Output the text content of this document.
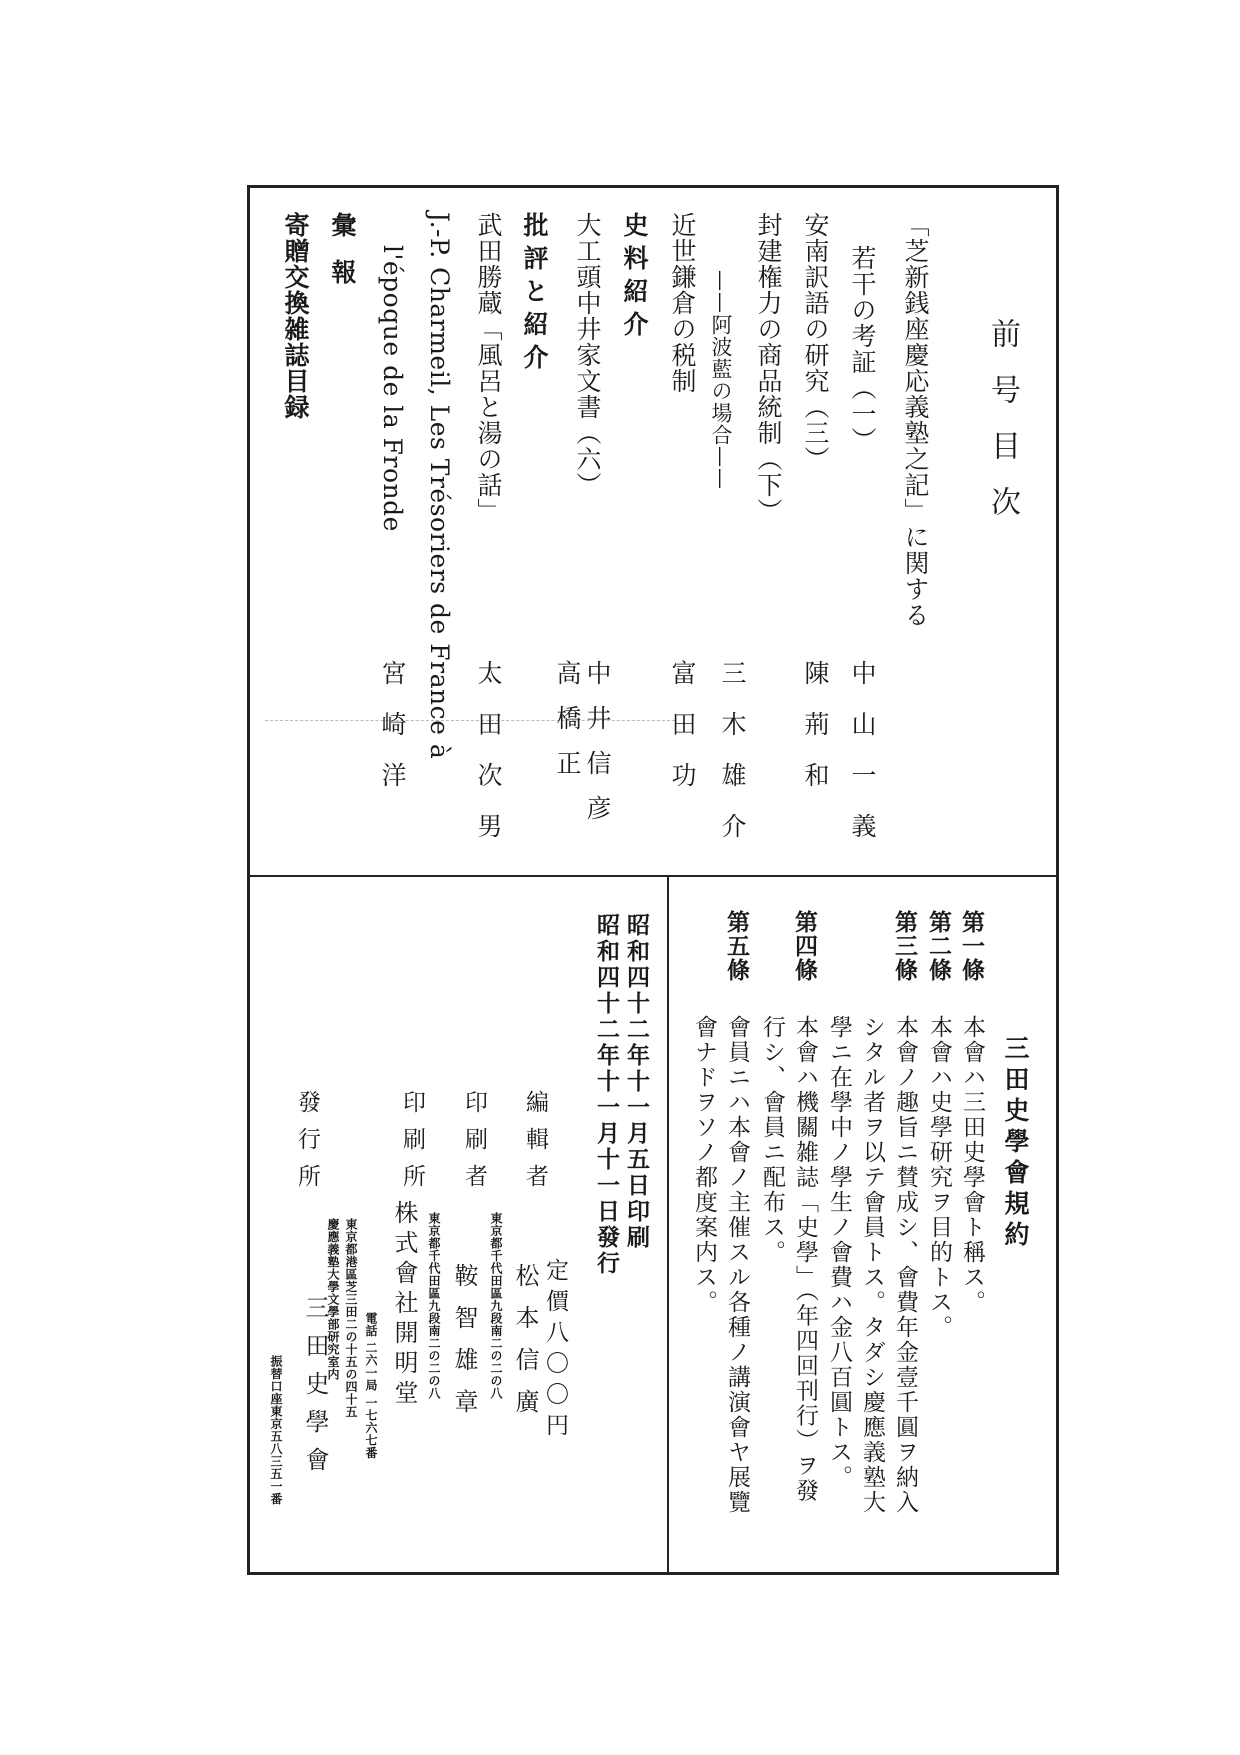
前号目次
「芝新銭座慶応義塾之記」に関する
若干の考証（一）
中山一義
安南訳語の研究（三）
陳荊和
封建権力の商品統制（下）
——阿波藍の場合——
三木雄介
近世鎌倉の税制
富田功
史料紹介
大工頭中井家文書（六）
中井信彦
高橋正
批評と紹介
武田勝蔵「風呂と湯の話」
太田次男
J.-P. Charmeil, Les Trésoriers de France à
l'époque de la Fronde
宮崎洋
彙報
寄贈交換雑誌目録
三田史學會規約
第一條
本會ハ三田史學會ト稱ス。
第二條
本會ハ史學研究ヲ目的トス。
第三條
本會ノ趣旨ニ賛成シ、會費年金壹千圓ヲ納入
シタル者ヲ以テ會員トス。タダシ慶應義塾大
學ニ在學中ノ學生ノ會費ハ金八百圓トス。
第四條
本會ハ機關雑誌「史學」（年四回刊行）ヲ發
行シ、會員ニ配布ス。
第五條
會員ニハ本會ノ主催スル各種ノ講演會ヤ展覽
會ナドヲソノ都度案内ス。
昭和四十二年十一月五日印刷
昭和四十二年十一月十一日發行
定價八〇〇円
編輯者
東京都千代田區九段南二の二の八 松本信廣
印刷者
東京都千代田區九段南二の二の八 鞍智雄章
印刷所
株式會社開明堂
電話 二六一局 一七六七番
發行所
東京都港區芝三田二の十五の四十五
慶應義塾大學文學部研究室内
三田史學會
振替口座東京五八三五一番
